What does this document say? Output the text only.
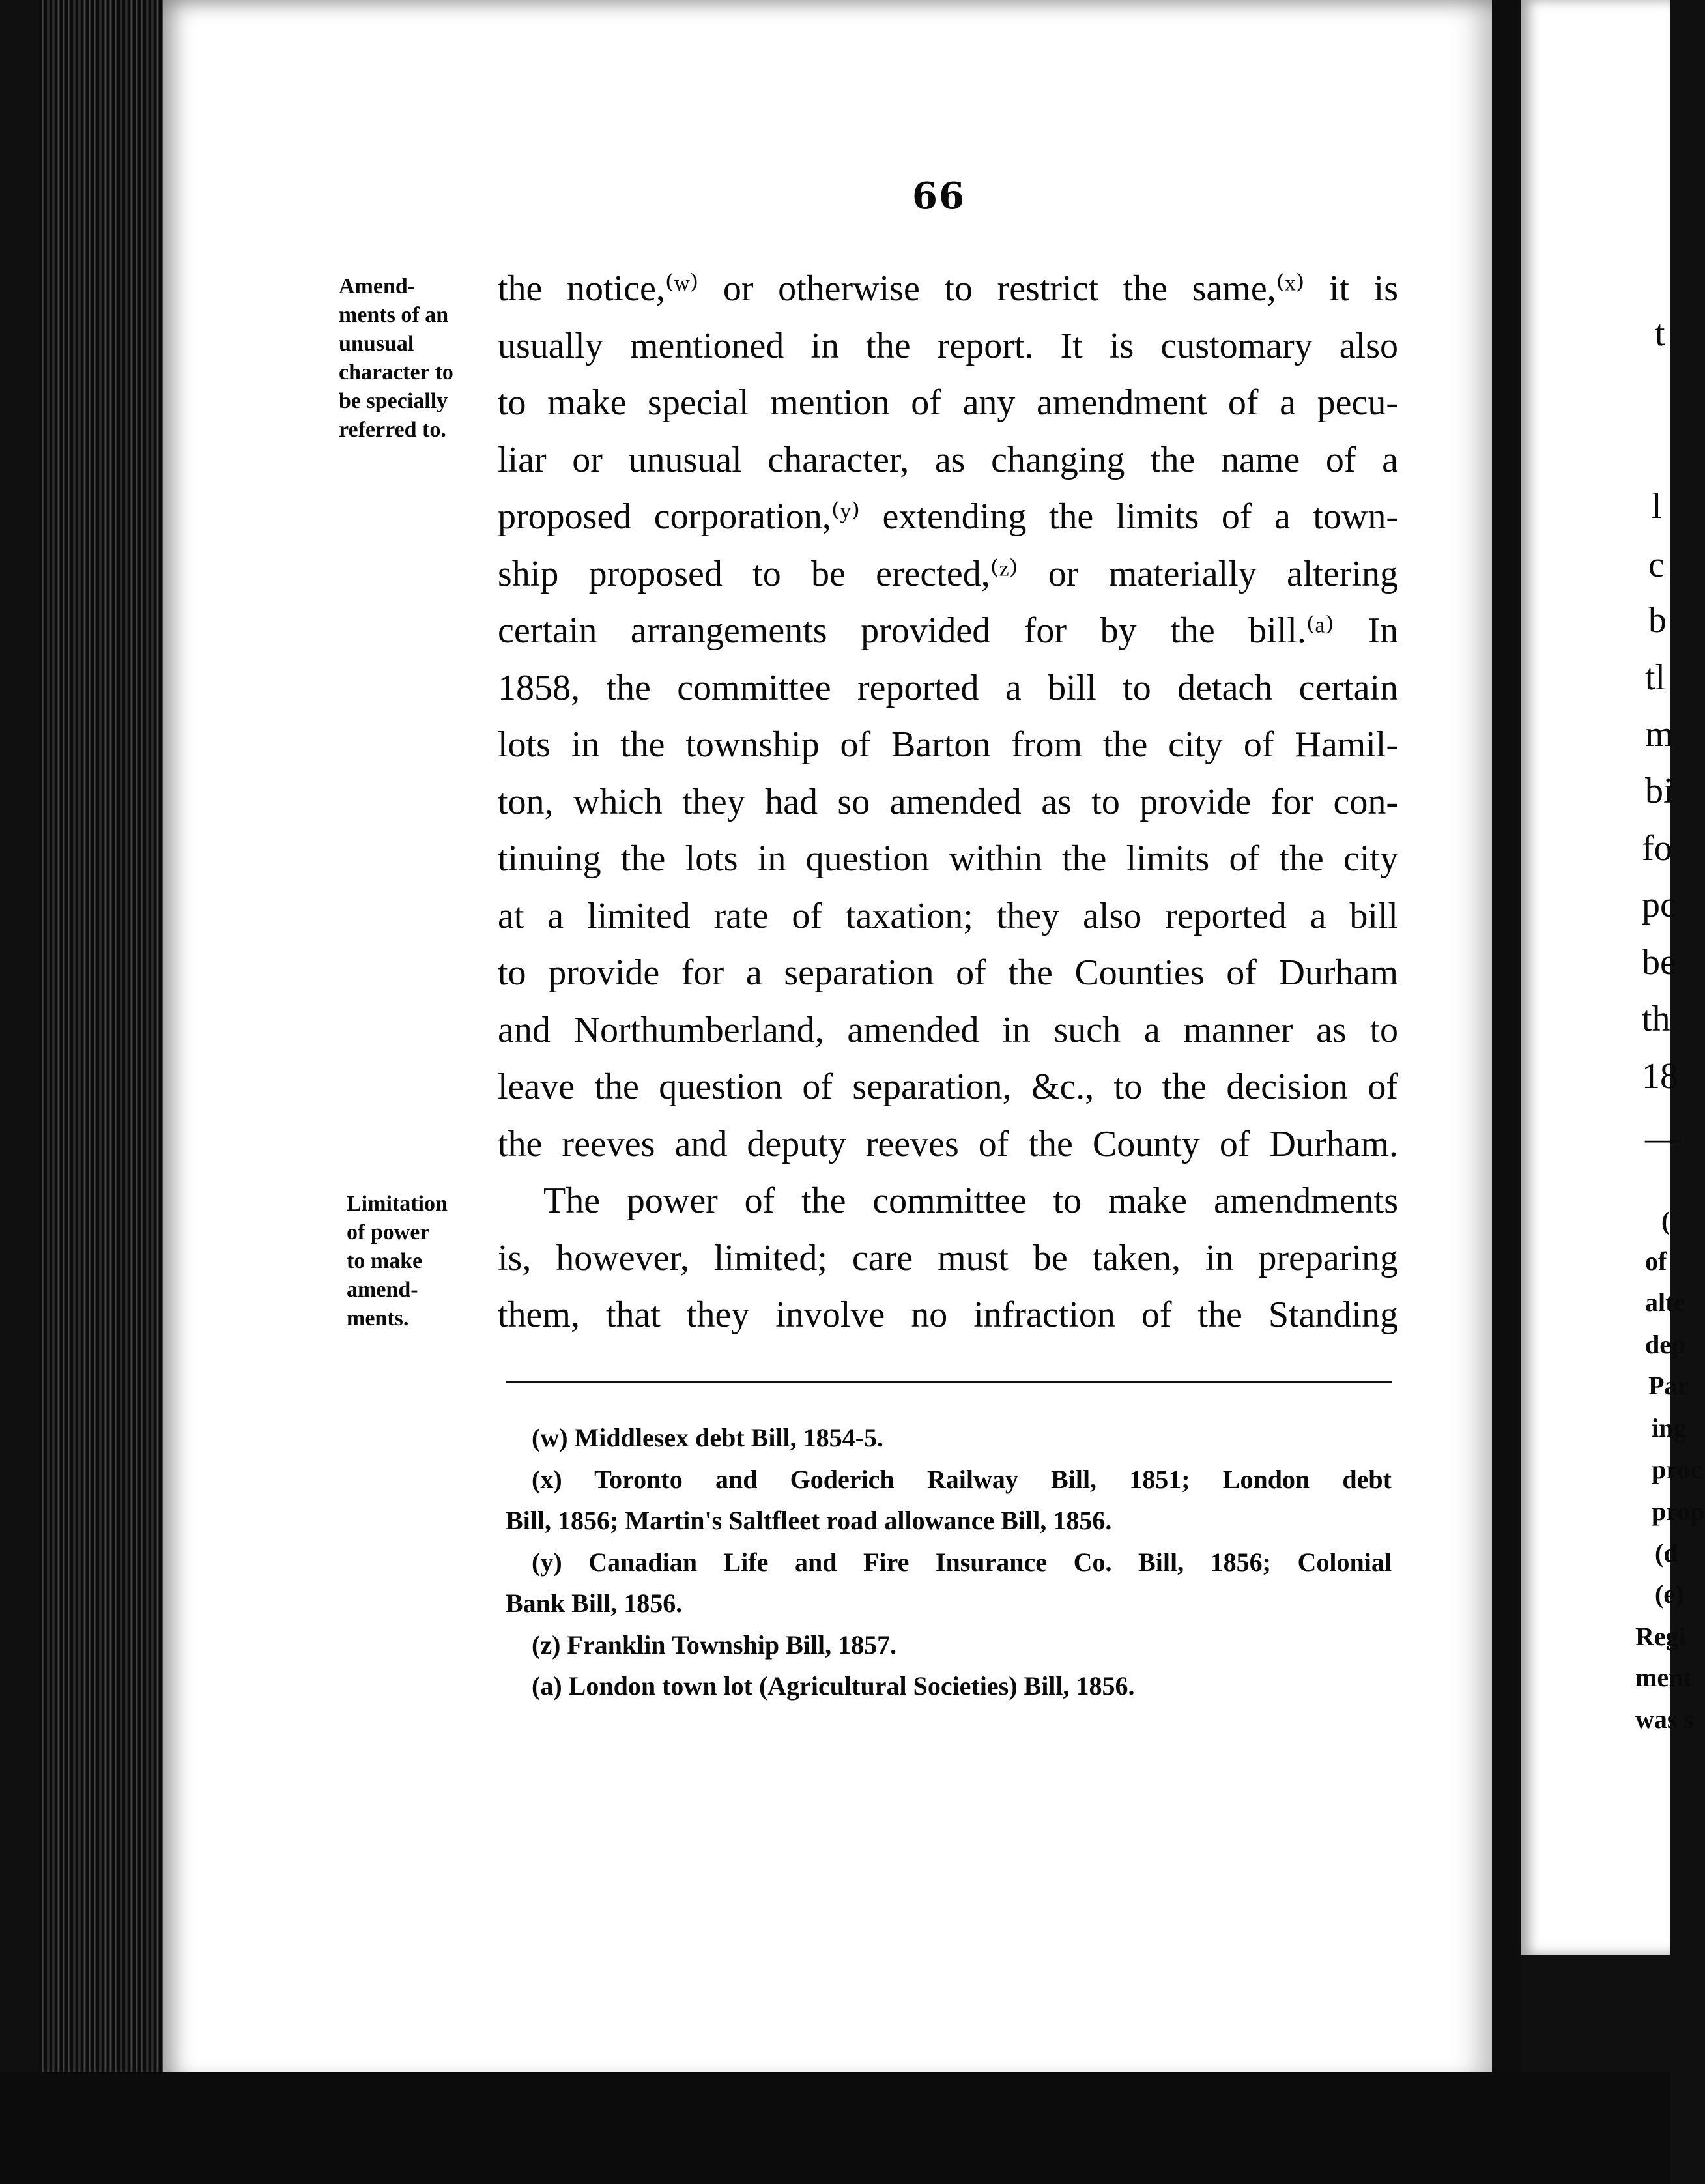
t
l
c
b
tl
m
bi
fo
pc
be
th
18
—
(
of
alte
dep
Par
ing
proc
prop
(d
(e)
Regi
ment
was s
66
Amend-
ments of an
unusual
character to
be specially
referred to.
Limitation
of power
to make
amend-
ments.
the notice,⁽ʷ⁾ or otherwise to restrict the same,⁽ˣ⁾ it is
usually mentioned in the report. It is customary also
to make special mention of any amendment of a pecu-
liar or unusual character, as changing the name of a
proposed corporation,⁽ʸ⁾ extending the limits of a town-
ship proposed to be erected,⁽ᶻ⁾ or materially altering
certain arrangements provided for by the bill.⁽ᵃ⁾ In
1858, the committee reported a bill to detach certain
lots in the township of Barton from the city of Hamil-
ton, which they had so amended as to provide for con-
tinuing the lots in question within the limits of the city
at a limited rate of taxation; they also reported a bill
to provide for a separation of the Counties of Durham
and Northumberland, amended in such a manner as to
leave the question of separation, &c., to the decision of
the reeves and deputy reeves of the County of Durham.
The power of the committee to make amendments
is, however, limited; care must be taken, in preparing
them, that they involve no infraction of the Standing
(w) Middlesex debt Bill, 1854-5.
(x) Toronto and Goderich Railway Bill, 1851; London debt
Bill, 1856; Martin's Saltfleet road allowance Bill, 1856.
(y) Canadian Life and Fire Insurance Co. Bill, 1856; Colonial
Bank Bill, 1856.
(z) Franklin Township Bill, 1857.
(a) London town lot (Agricultural Societies) Bill, 1856.
